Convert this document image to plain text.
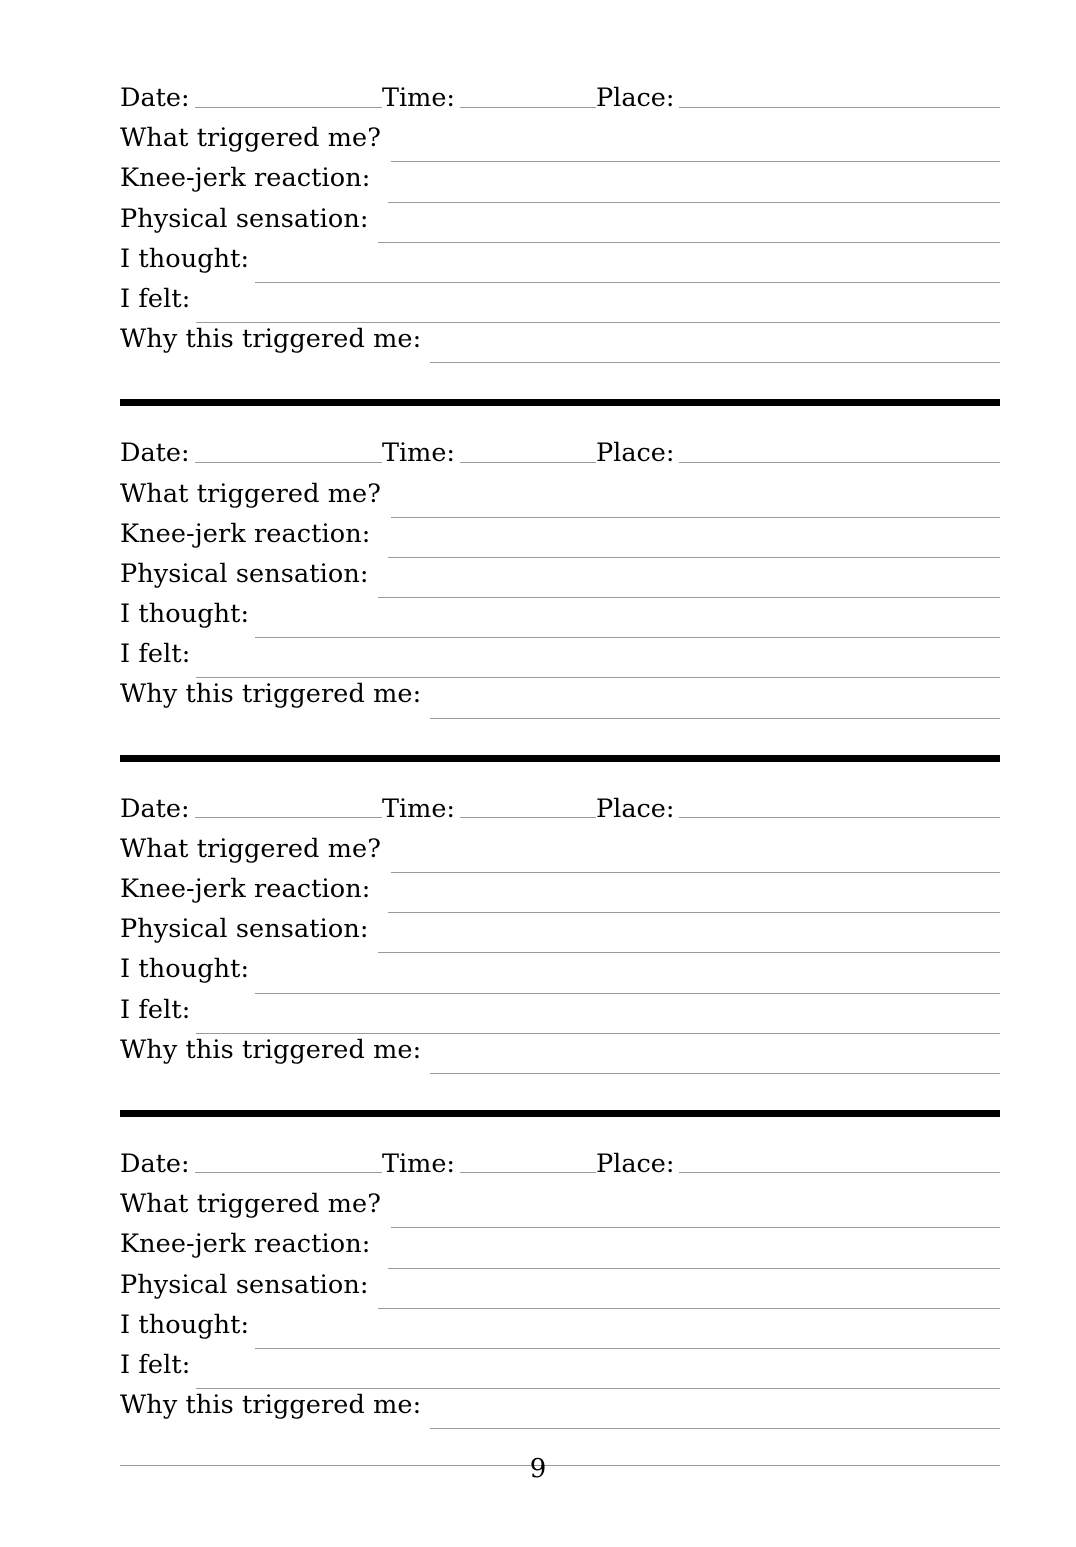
Date:	Time:	Place:
What triggered me?
Knee-jerk reaction:
Physical sensation:
I thought:
I felt:
Why this triggered me:
Date:	Time:	Place:
What triggered me?
Knee-jerk reaction:
Physical sensation:
I thought:
I felt:
Why this triggered me:
Date:	Time:	Place:
What triggered me?
Knee-jerk reaction:
Physical sensation:
I thought:
I felt:
Why this triggered me:
Date:	Time:	Place:
What triggered me?
Knee-jerk reaction:
Physical sensation:
I thought:
I felt:
Why this triggered me:
9
